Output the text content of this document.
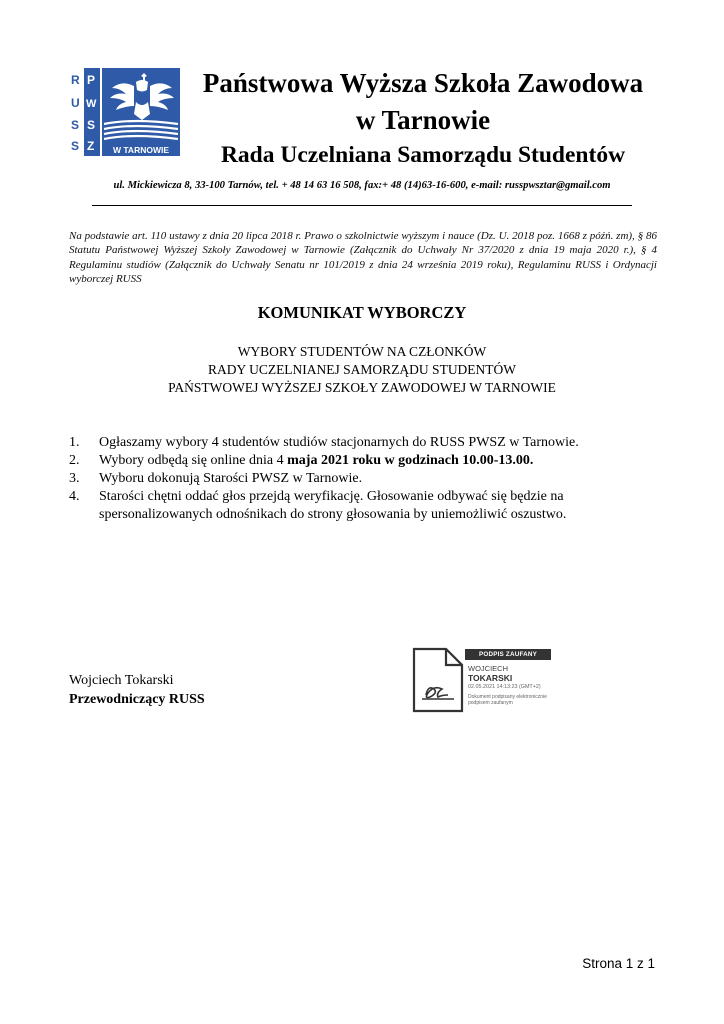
R
U
S
S
P
W
S
Z W TARNOWIE
Państwowa Wyższa Szkoła Zawodowa
w Tarnowie
Rada Uczelniana Samorządu Studentów
ul. Mickiewicza 8, 33-100 Tarnów, tel. + 48 14 63 16 508, fax:+ 48 (14)63-16-600, e-mail: russpwsztar@gmail.com
Na podstawie art. 110 ustawy z dnia 20 lipca 2018 r. Prawo o szkolnictwie wyższym i nauce (Dz. U. 2018 poz. 1668 z późń. zm), § 86 Statutu Państwowej Wyższej Szkoły Zawodowej w Tarnowie (Załącznik do Uchwały Nr 37/2020 z dnia 19 maja 2020 r.), § 4 Regulaminu studiów (Załącznik do Uchwały Senatu nr 101/2019 z dnia 24 września 2019 roku), Regulaminu RUSS i Ordynacji wyborczej RUSS
KOMUNIKAT WYBORCZY
WYBORY STUDENTÓW NA CZŁONKÓW
RADY UCZELNIANEJ SAMORZĄDU STUDENTÓW
PAŃSTWOWEJ WYŻSZEJ SZKOŁY ZAWODOWEJ W TARNOWIE
1.	Ogłaszamy wybory 4 studentów studiów stacjonarnych do RUSS PWSZ w Tarnowie.
2.	Wybory odbędą się online dnia 4 maja 2021 roku w godzinach 10.00-13.00.
3.	Wyboru dokonują Starości PWSZ w Tarnowie.
4.	Starości chętni oddać głos przejdą weryfikację. Głosowanie odbywać się będzie na spersonalizowanych odnośnikach do strony głosowania by uniemożliwić oszustwo.
Wojciech Tokarski
Przewodniczący RUSS
PODPIS ZAUFANY
WOJCIECH
TOKARSKI
02.05.2021 14:13:23 (GMT+2)
Dokument podpisany elektronicznie podpisem zaufanym
Strona 1 z 1
